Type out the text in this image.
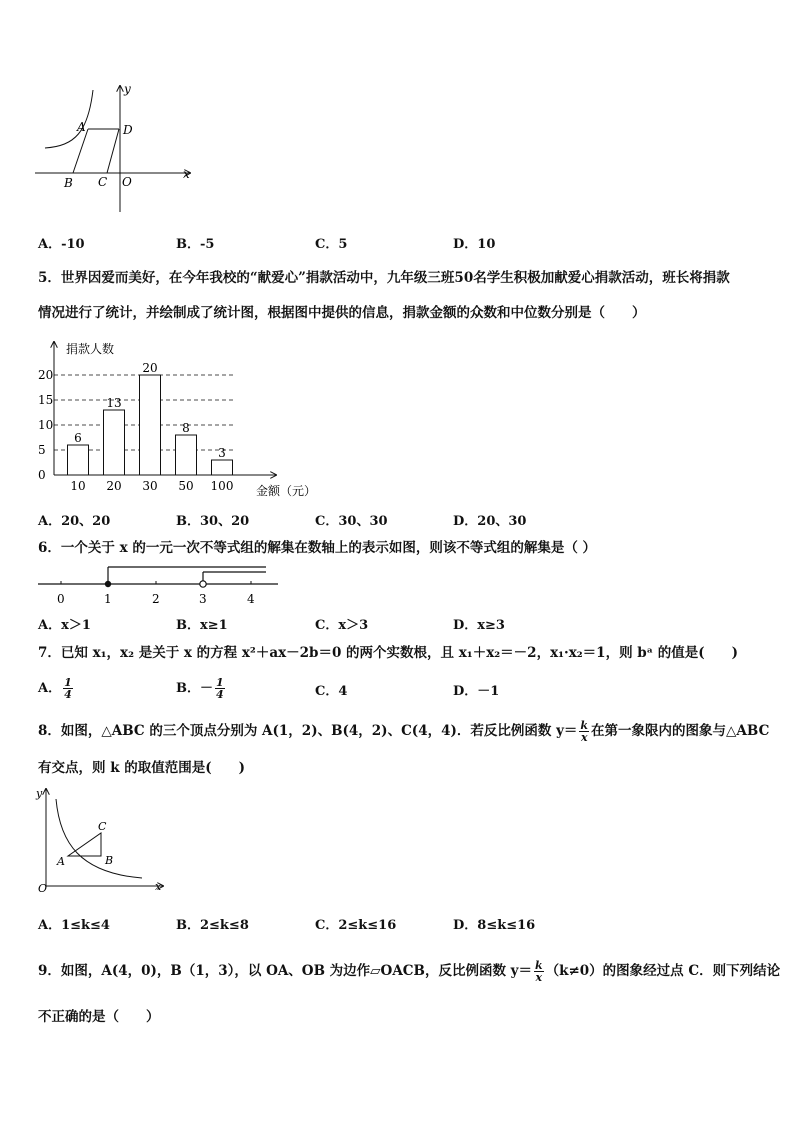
y
x
A	D
B C O
A．-10	B．-5	C．5	D．10
5．世界因爱而美好，在今年我校的“献爱心”捐款活动中，九年级三班50名学生积极加献爱心捐款活动，班长将捐款
情况进行了统计，并绘制成了统计图，根据图中提供的信息，捐款金额的众数和中位数分别是（　　）
0
5
10
15
20
6
10
13
20
20
30
8
50
3
100
捐款人数
金额（元）
A．20、20	B．30、20	C．30、30	D．20、30
6．一个关于 x 的一元一次不等式组的解集在数轴上的表示如图，则该不等式组的解集是（ ）
0	1	2	3	4
A．x＞1	B．x≥1	C．x＞3	D．x≥3
7．已知 x₁，x₂ 是关于 x 的方程 x²＋ax－2b＝0 的两个实数根，且 x₁＋x₂＝－2，x₁·x₂＝1，则 bᵃ 的值是(　　)
A． $\frac{1}{4}$	B．－ $\frac{1}{4}$	C．4	D．－1
8．如图，△ABC 的三个顶点分别为 A(1，2)、B(4，2)、C(4，4)．若反比例函数 $y= \frac{k}{x}$ 在第一象限内的图象与△ABC
有交点，则 k 的取值范围是(　　)
y
x
A	B
C
O
A．1≤k≤4	B．2≤k≤8	C．2≤k≤16	D．8≤k≤16
9．如图，A(4，0)，B（1，3），以 OA、OB 为边作▱OACB，反比例函数 $y= \frac{k}{x} (k\ne 0)$的图象经过点 C．则下列结论
不正确的是（　　）
